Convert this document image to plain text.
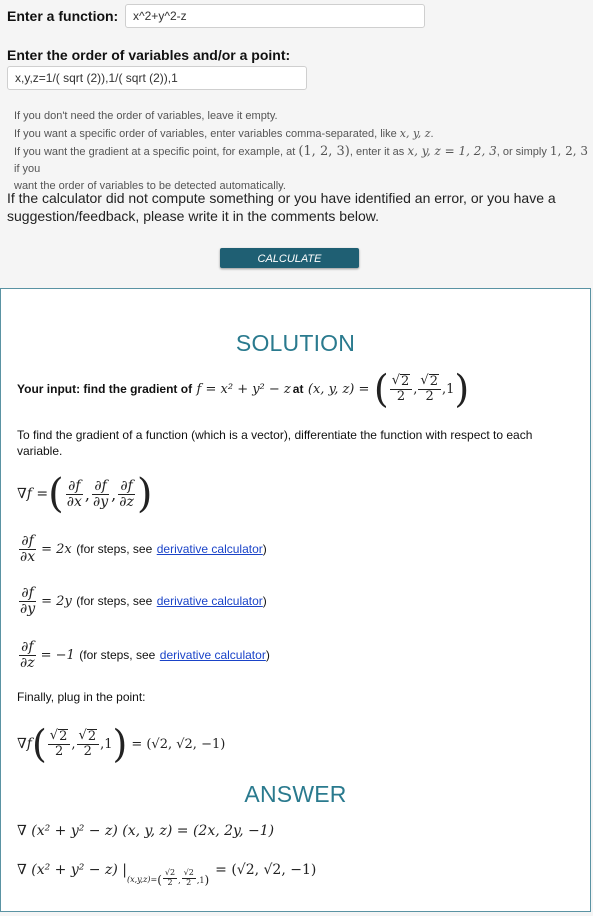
Enter a function:
x^2+y^2-z
Enter the order of variables and/or a point:
x,y,z=1/( sqrt (2)),1/( sqrt (2)),1
If you don't need the order of variables, leave it empty.
If you want a specific order of variables, enter variables comma-separated, like x, y, z.
If you want the gradient at a specific point, for example, at (1, 2, 3), enter it as x, y, z = 1, 2, 3, or simply 1, 2, 3 if you
want the order of variables to be detected automatically.
If the calculator did not compute something or you have identified an error, or you have a suggestion/feedback, please write it in the comments below.
CALCULATE
SOLUTION
Your input: find the gradient of
f = x² + y² − z at
(x, y, z) =
( $\frac{√ 2}{2}$ , $\frac{√ 2}{2} ,1$ )
To find the gradient of a function (which is a vector), differentiate the function with respect to each variable.
∇f = ( $\frac{\partial f}{\partial x}$ , $\frac{\partial f}{\partial y}$ , $\frac{\partial f}{\partial z}$ )
$\frac{\partial f}{\partial x} = 2x$
(for steps, see
derivative calculator )
$\frac{\partial f}{\partial y} = 2y$
(for steps, see
derivative calculator )
$\frac{\partial f}{\partial z} = -1$
(for steps, see
derivative calculator )
Finally, plug in the point:
∇f ( $\frac{√ 2}{2}$ , $\frac{√ 2}{2} ,1$ ) = (√2, √2, −1)
ANSWER
∇ (x² + y² − z) (x, y, z) = (2x, 2y, −1)
∇ (x² + y² − z) |
(x,y,z)= ( $\frac{√2}{2}$ , $\frac{√2}{2} ,1$ )
= (√2, √2, −1)
